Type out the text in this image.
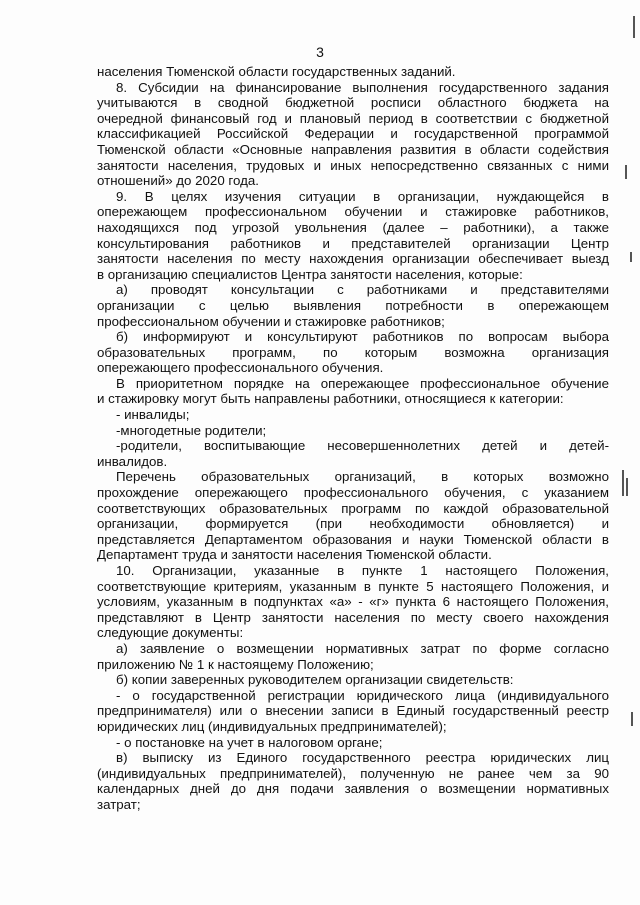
3

населения Тюменской области государственных заданий.

8. Субсидии на финансирование выполнения государственного задания
учитываются в сводной бюджетной росписи областного бюджета на
очередной финансовый год и плановый период в соответствии с бюджетной
классификацией Российской Федерации и государственной программой
Тюменской области «Основные направления развития в области содействия
занятости населения, трудовых и иных непосредственно связанных с ними
отношений» до 2020 года.

9. В целях изучения ситуации в организации, нуждающейся в
опережающем профессиональном обучении и стажировке работников,
находящихся под угрозой увольнения (далее – работники), а также
консультирования работников и представителей организации Центр
занятости населения по месту нахождения организации обеспечивает выезд
в организацию специалистов Центра занятости населения, которые:

а) проводят консультации с работниками и представителями
организации с целью выявления потребности в опережающем
профессиональном обучении и стажировке работников;

б) информируют и консультируют работников по вопросам выбора
образовательных программ, по которым возможна организация
опережающего профессионального обучения.

В приоритетном порядке на опережающее профессиональное обучение
и стажировку могут быть направлены работники, относящиеся к категории:

- инвалиды;

-многодетные родители;

-родители, воспитывающие несовершеннолетних детей и детей-
инвалидов.

Перечень образовательных организаций, в которых возможно
прохождение опережающего профессионального обучения, с указанием
соответствующих образовательных программ по каждой образовательной
организации, формируется (при необходимости обновляется) и
представляется Департаментом образования и науки Тюменской области в
Департамент труда и занятости населения Тюменской области.

10. Организации, указанные в пункте 1 настоящего Положения,
соответствующие критериям, указанным в пункте 5 настоящего Положения, и
условиям, указанным в подпунктах «а» - «г» пункта 6 настоящего Положения,
представляют в Центр занятости населения по месту своего нахождения
следующие документы:

а) заявление о возмещении нормативных затрат по форме согласно
приложению № 1 к настоящему Положению;

б) копии заверенных руководителем организации свидетельств:

- о государственной регистрации юридического лица (индивидуального
предпринимателя) или о внесении записи в Единый государственный реестр
юридических лиц (индивидуальных предпринимателей);

- о постановке на учет в налоговом органе;

в) выписку из Единого государственного реестра юридических лиц
(индивидуальных предпринимателей), полученную не ранее чем за 90
календарных дней до дня подачи заявления о возмещении нормативных
затрат;
